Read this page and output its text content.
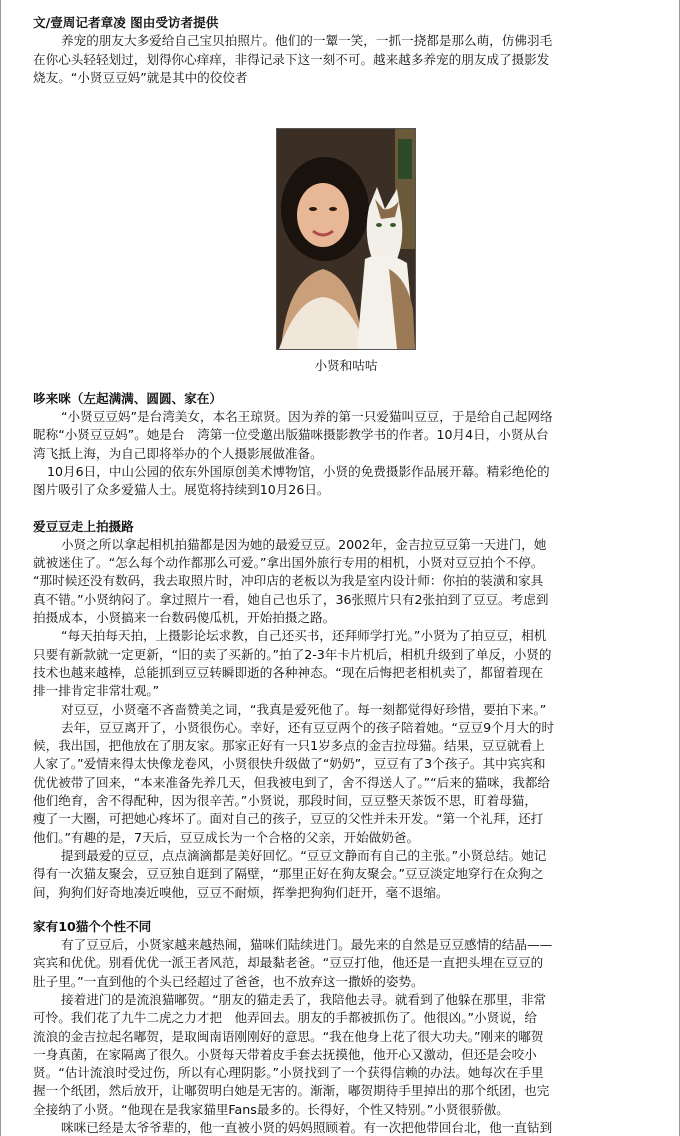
文/壹周记者章凌 图由受访者提供
养宠的朋友大多爱给自己宝贝拍照片。他们的一颦一笑，一抓一挠都是那么萌，仿佛羽毛
在你心头轻轻划过，划得你心痒痒，非得记录下这一刻不可。越来越多养宠的朋友成了摄影发
烧友。“小贤豆豆妈”就是其中的佼佼者
小贤和咕咕
哆来咪（左起满满、圆圆、家在）
“小贤豆豆妈”是台湾美女，本名王琼贤。因为养的第一只爱猫叫豆豆，于是给自己起网络
昵称“小贤豆豆妈”。她是台　湾第一位受邀出版猫咪摄影教学书的作者。10月4日，小贤从台
湾飞抵上海，为自己即将举办的个人摄影展做准备。
10月6日，中山公园的依东外国原创美术博物馆，小贤的免费摄影作品展开幕。精彩绝伦的
图片吸引了众多爱猫人士。展览将持续到10月26日。
爱豆豆走上拍摄路
小贤之所以拿起相机拍猫都是因为她的最爱豆豆。2002年，金吉拉豆豆第一天进门，她
就被迷住了。“怎么每个动作都那么可爱。”拿出国外旅行专用的相机，小贤对豆豆拍个不停。
“那时候还没有数码，我去取照片时，冲印店的老板以为我是室内设计师：你拍的装潢和家具
真不错。”小贤纳闷了。拿过照片一看，她自己也乐了，36张照片只有2张拍到了豆豆。考虑到
拍摄成本，小贤搞来一台数码傻瓜机，开始拍摄之路。
“每天拍每天拍，上摄影论坛求教，自己还买书，还拜师学打光。”小贤为了拍豆豆，相机
只要有新款就一定更新，“旧的卖了买新的。”拍了2-3年卡片机后，相机升级到了单反，小贤的
技术也越来越棒，总能抓到豆豆转瞬即逝的各种神态。“现在后悔把老相机卖了，都留着现在
排一排肯定非常壮观。”
对豆豆，小贤毫不吝啬赞美之词，“我真是爱死他了。每一刻都觉得好珍惜，要拍下来。”
去年，豆豆离开了，小贤很伤心。幸好，还有豆豆两个的孩子陪着她。“豆豆9个月大的时
候，我出国，把他放在了朋友家。那家正好有一只1岁多点的金吉拉母猫。结果，豆豆就看上
人家了。”爱情来得太快像龙卷风，小贤很快升级做了“奶奶”，豆豆有了3个孩子。其中宾宾和
优优被带了回来，“本来准备先养几天，但我被电到了，舍不得送人了。”“后来的猫咪，我都给
他们绝育，舍不得配种，因为很辛苦。”小贤说，那段时间，豆豆整天茶饭不思，盯着母猫，
瘦了一大圈，可把她心疼坏了。面对自己的孩子，豆豆的父性并未开发。“第一个礼拜，还打
他们。”有趣的是，7天后，豆豆成长为一个合格的父亲，开始做奶爸。
提到最爱的豆豆，点点滴滴都是美好回忆。“豆豆文静而有自己的主张。”小贤总结。她记
得有一次猫友聚会，豆豆独自逛到了隔壁，“那里正好在狗友聚会。”豆豆淡定地穿行在众狗之
间，狗狗们好奇地凑近嗅他，豆豆不耐烦，挥拳把狗狗们赶开，毫不退缩。
家有10猫个个性不同
有了豆豆后，小贤家越来越热闹，猫咪们陆续进门。最先来的自然是豆豆感情的结晶——
宾宾和优优。别看优优一派王者风范，却最黏老爸。“豆豆打他，他还是一直把头埋在豆豆的
肚子里。”一直到他的个头已经超过了爸爸，也不放弃这一撒娇的姿势。
接着进门的是流浪猫嘟贺。“朋友的猫走丢了，我陪他去寻。就看到了他躲在那里，非常
可怜。我们花了九牛二虎之力才把　他弄回去。朋友的手都被抓伤了。他很凶。”小贤说，给
流浪的金吉拉起名嘟贺，是取闽南语刚刚好的意思。“我在他身上花了很大功夫。”刚来的嘟贺
一身真菌，在家隔离了很久。小贤每天带着皮手套去抚摸他，他开心又激动，但还是会咬小
贤。“估计流浪时受过伤，所以有心理阴影。”小贤找到了一个获得信赖的办法。她每次在手里
握一个纸团，然后放开，让嘟贺明白她是无害的。渐渐，嘟贺期待手里掉出的那个纸团，也完
全接纳了小贤。“他现在是我家猫里Fans最多的。长得好，个性又特别。”小贤很骄傲。
咪咪已经是太爷爷辈的，他一直被小贤的妈妈照顾着。有一次把他带回台北，他一直钻到
